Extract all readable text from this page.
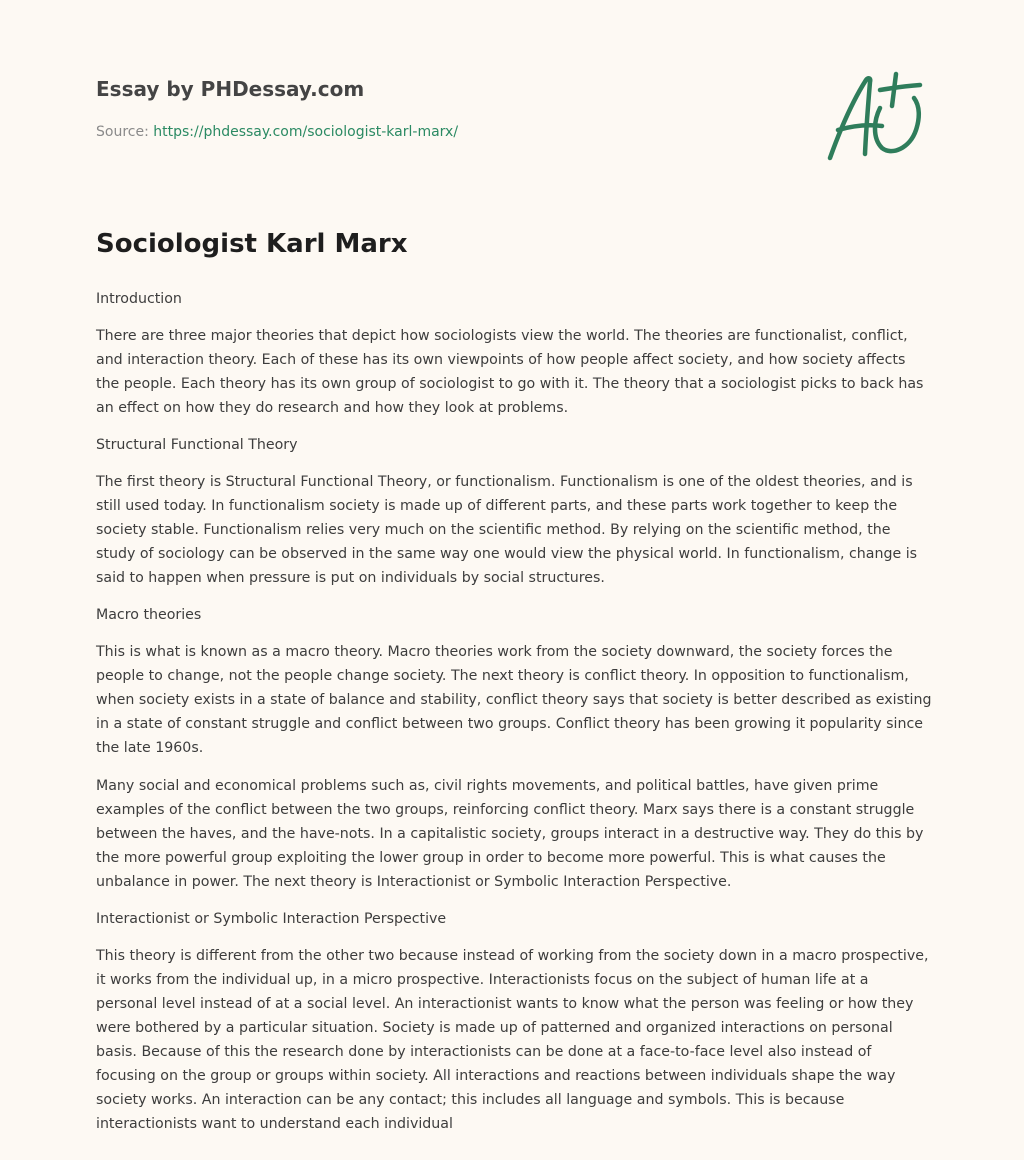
Essay by PHDessay.com
Source: https://phdessay.com/sociologist-karl-marx/
Sociologist Karl Marx
Introduction

There are three major theories that depict how sociologists view the world. The theories are functionalist, conflict, and interaction theory. Each of these has its own viewpoints of how people affect society, and how society affects the people. Each theory has its own group of sociologist to go with it. The theory that a sociologist picks to back has an effect on how they do research and how they look at problems.

Structural Functional Theory

The first theory is Structural Functional Theory, or functionalism. Functionalism is one of the oldest theories, and is still used today. In functionalism society is made up of different parts, and these parts work together to keep the society stable. Functionalism relies very much on the scientific method. By relying on the scientific method, the study of sociology can be observed in the same way one would view the physical world. In functionalism, change is said to happen when pressure is put on individuals by social structures.

Macro theories

This is what is known as a macro theory. Macro theories work from the society downward, the society forces the people to change, not the people change society. The next theory is conflict theory. In opposition to functionalism, when society exists in a state of balance and stability, conflict theory says that society is better described as existing in a state of constant struggle and conflict between two groups. Conflict theory has been growing it popularity since the late 1960s.

Many social and economical problems such as, civil rights movements, and political battles, have given prime examples of the conflict between the two groups, reinforcing conflict theory. Marx says there is a constant struggle between the haves, and the have-nots. In a capitalistic society, groups interact in a destructive way. They do this by the more powerful group exploiting the lower group in order to become more powerful. This is what causes the unbalance in power. The next theory is Interactionist or Symbolic Interaction Perspective.

Interactionist or Symbolic Interaction Perspective

This theory is different from the other two because instead of working from the society down in a macro prospective, it works from the individual up, in a micro prospective. Interactionists focus on the subject of human life at a personal level instead of at a social level. An interactionist wants to know what the person was feeling or how they were bothered by a particular situation. Society is made up of patterned and organized interactions on personal basis. Because of this the research done by interactionists can be done at a face-to-face level also instead of focusing on the group or groups within society. All interactions and reactions between individuals shape the way society works. An interaction can be any contact; this includes all language and symbols. This is because interactionists want to understand each individual
